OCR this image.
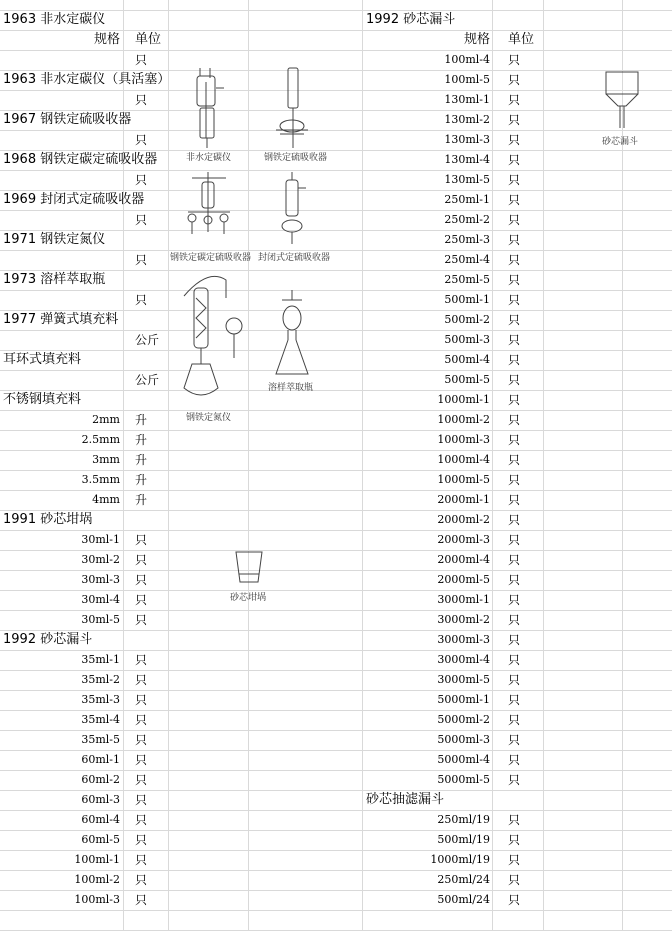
1963 非水定碳仪
规格 单位
只
1963 非水定碳仪（具活塞）
只
1967 钢铁定硫吸收器
只
1968 钢铁定碳定硫吸收器
只
1969 封闭式定硫吸收器
只
1971 钢铁定氮仪
只
1973 溶样萃取瓶
只
1977 弹簧式填充料
公斤
耳环式填充料
公斤
不锈钢填充料
2mm 升
2.5mm 升
3mm 升
3.5mm 升
4mm 升
1991 砂芯坩埚
30ml-1 只
30ml-2 只
30ml-3 只
30ml-4 只
30ml-5 只
1992 砂芯漏斗
35ml-1 只
35ml-2 只
35ml-3 只
35ml-4 只
35ml-5 只
60ml-1 只
60ml-2 只
60ml-3 只
60ml-4 只
60ml-5 只
100ml-1 只
100ml-2 只
100ml-3 只
1992 砂芯漏斗
规格 单位
100ml-4 只
100ml-5 只
130ml-1 只
130ml-2 只
130ml-3 只
130ml-4 只
130ml-5 只
250ml-1 只
250ml-2 只
250ml-3 只
250ml-4 只
250ml-5 只
500ml-1 只
500ml-2 只
500ml-3 只
500ml-4 只
500ml-5 只
1000ml-1 只
1000ml-2 只
1000ml-3 只
1000ml-4 只
1000ml-5 只
2000ml-1 只
2000ml-2 只
2000ml-3 只
2000ml-4 只
2000ml-5 只
3000ml-1 只
3000ml-2 只
3000ml-3 只
3000ml-4 只
3000ml-5 只
5000ml-1 只
5000ml-2 只
5000ml-3 只
5000ml-4 只
5000ml-5 只
砂芯抽滤漏斗
250ml/19 只
500ml/19 只
1000ml/19 只
250ml/24 只
500ml/24 只
非水定碳仪	钢铁定硫吸收器
钢铁定碳定硫吸收器 封闭式定硫吸收器
钢铁定氮仪
溶样萃取瓶
砂芯坩埚
砂芯漏斗
